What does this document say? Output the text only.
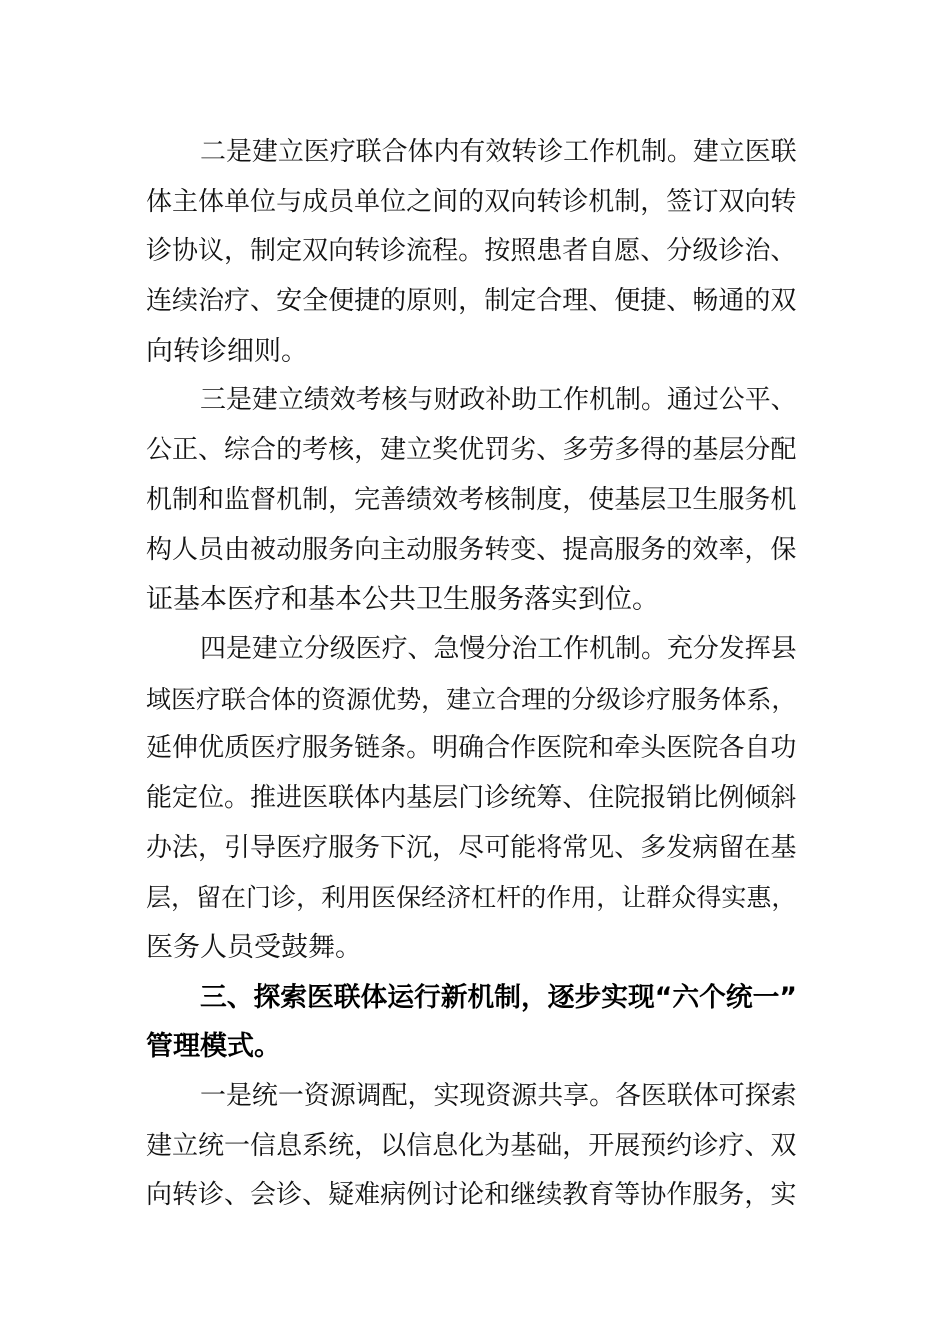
二是建立医疗联合体内有效转诊工作机制。建立医联
体主体单位与成员单位之间的双向转诊机制，签订双向转
诊协议，制定双向转诊流程。按照患者自愿、分级诊治、
连续治疗、安全便捷的原则，制定合理、便捷、畅通的双
向转诊细则。
三是建立绩效考核与财政补助工作机制。通过公平、
公正、综合的考核，建立奖优罚劣、多劳多得的基层分配
机制和监督机制，完善绩效考核制度，使基层卫生服务机
构人员由被动服务向主动服务转变、提高服务的效率，保
证基本医疗和基本公共卫生服务落实到位。
四是建立分级医疗、急慢分治工作机制。充分发挥县
域医疗联合体的资源优势，建立合理的分级诊疗服务体系，
延伸优质医疗服务链条。明确合作医院和牵头医院各自功
能定位。推进医联体内基层门诊统筹、住院报销比例倾斜
办法，引导医疗服务下沉，尽可能将常见、多发病留在基
层，留在门诊，利用医保经济杠杆的作用，让群众得实惠，
医务人员受鼓舞。
三、探索医联体运行新机制，逐步实现“六个统一”
管理模式。
一是统一资源调配，实现资源共享。各医联体可探索
建立统一信息系统，以信息化为基础，开展预约诊疗、双
向转诊、会诊、疑难病例讨论和继续教育等协作服务，实
